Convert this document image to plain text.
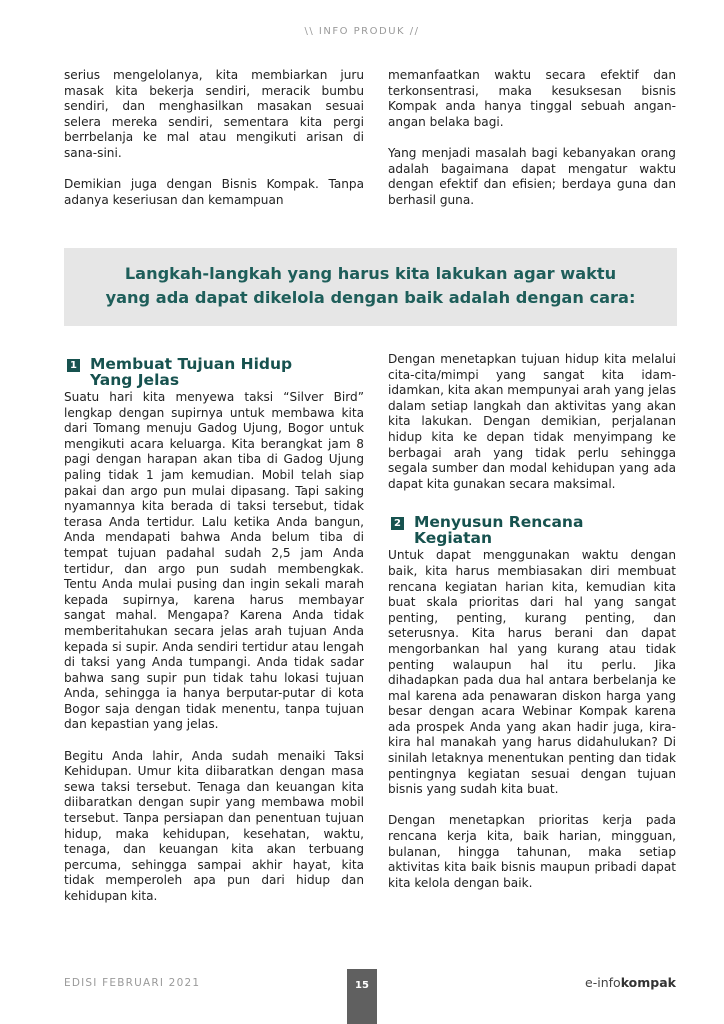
\\ INFO PRODUK //

serius mengelolanya, kita membiarkan juru masak kita bekerja sendiri, meracik bumbu sendiri, dan menghasilkan masakan sesuai selera mereka sendiri, sementara kita pergi berrbelanja ke mal atau mengikuti arisan di sana-sini.

Demikian juga dengan Bisnis Kompak. Tanpa adanya keseriusan dan kemampuan

memanfaatkan waktu secara efektif dan terkonsentrasi, maka kesuksesan bisnis Kompak anda hanya tinggal sebuah angan-angan belaka bagi.

Yang menjadi masalah bagi kebanyakan orang adalah bagaimana dapat mengatur waktu dengan efektif dan efisien; berdaya guna dan berhasil guna.

Langkah-langkah yang harus kita lakukan agar waktu
yang ada dapat dikelola dengan baik adalah dengan cara:
1 Membuat Tujuan Hidup
Yang Jelas

Suatu hari kita menyewa taksi “Silver Bird” lengkap dengan supirnya untuk membawa kita dari Tomang menuju Gadog Ujung, Bogor untuk mengikuti acara keluarga. Kita berangkat jam 8 pagi dengan harapan akan tiba di Gadog Ujung paling tidak 1 jam kemudian. Mobil telah siap pakai dan argo pun mulai dipasang. Tapi saking nyamannya kita berada di taksi tersebut, tidak terasa Anda tertidur. Lalu ketika Anda bangun, Anda mendapati bahwa Anda belum tiba di tempat tujuan padahal sudah 2,5 jam Anda tertidur, dan argo pun sudah membengkak. Tentu Anda mulai pusing dan ingin sekali marah kepada supirnya, karena harus membayar sangat mahal. Mengapa? Karena Anda tidak memberitahukan secara jelas arah tujuan Anda kepada si supir. Anda sendiri tertidur atau lengah di taksi yang Anda tumpangi. Anda tidak sadar bahwa sang supir pun tidak tahu lokasi tujuan Anda, sehingga ia hanya berputar-putar di kota Bogor saja dengan tidak menentu, tanpa tujuan dan kepastian yang jelas.

Begitu Anda lahir, Anda sudah menaiki Taksi Kehidupan. Umur kita diibaratkan dengan masa sewa taksi tersebut. Tenaga dan keuangan kita diibaratkan dengan supir yang membawa mobil tersebut. Tanpa persiapan dan penentuan tujuan hidup, maka kehidupan, kesehatan, waktu, tenaga, dan keuangan kita akan terbuang percuma, sehingga sampai akhir hayat, kita tidak memperoleh apa pun dari hidup dan kehidupan kita.

Dengan menetapkan tujuan hidup kita melalui cita-cita/mimpi yang sangat kita idam-idamkan, kita akan mempunyai arah yang jelas dalam setiap langkah dan aktivitas yang akan kita lakukan. Dengan demikian, perjalanan hidup kita ke depan tidak menyimpang ke berbagai arah yang tidak perlu sehingga segala sumber dan modal kehidupan yang ada dapat kita gunakan secara maksimal.

2 Menyusun Rencana
Kegiatan

Untuk dapat menggunakan waktu dengan baik, kita harus membiasakan diri membuat rencana kegiatan harian kita, kemudian kita buat skala prioritas dari hal yang sangat penting, penting, kurang penting, dan seterusnya. Kita harus berani dan dapat mengorbankan hal yang kurang atau tidak penting walaupun hal itu perlu. Jika dihadapkan pada dua hal antara berbelanja ke mal karena ada penawaran diskon harga yang besar dengan acara Webinar Kompak karena ada prospek Anda yang akan hadir juga, kira-kira hal manakah yang harus didahulukan? Di sinilah letaknya menentukan penting dan tidak pentingnya kegiatan sesuai dengan tujuan bisnis yang sudah kita buat.

Dengan menetapkan prioritas kerja pada rencana kerja kita, baik harian, mingguan, bulanan, hingga tahunan, maka setiap aktivitas kita baik bisnis maupun pribadi dapat kita kelola dengan baik.

EDISI FEBRUARI 2021	15	e-infokompak
